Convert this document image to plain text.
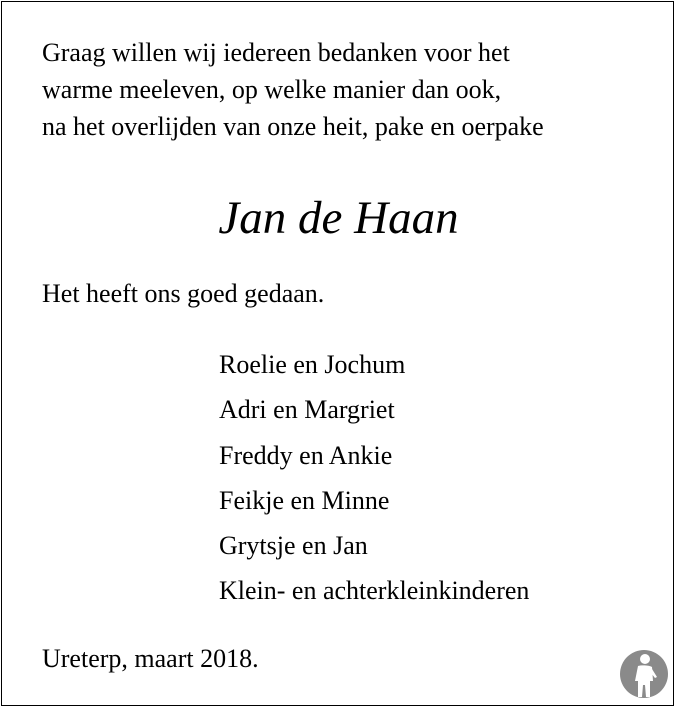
Graag willen wij iedereen bedanken voor het
warme meeleven, op welke manier dan ook,
na het overlijden van onze heit, pake en oerpake
Jan de Haan
Het heeft ons goed gedaan.
Roelie en Jochum
Adri en Margriet
Freddy en Ankie
Feikje en Minne
Grytsje en Jan
Klein- en achterkleinkinderen
Ureterp, maart 2018.
